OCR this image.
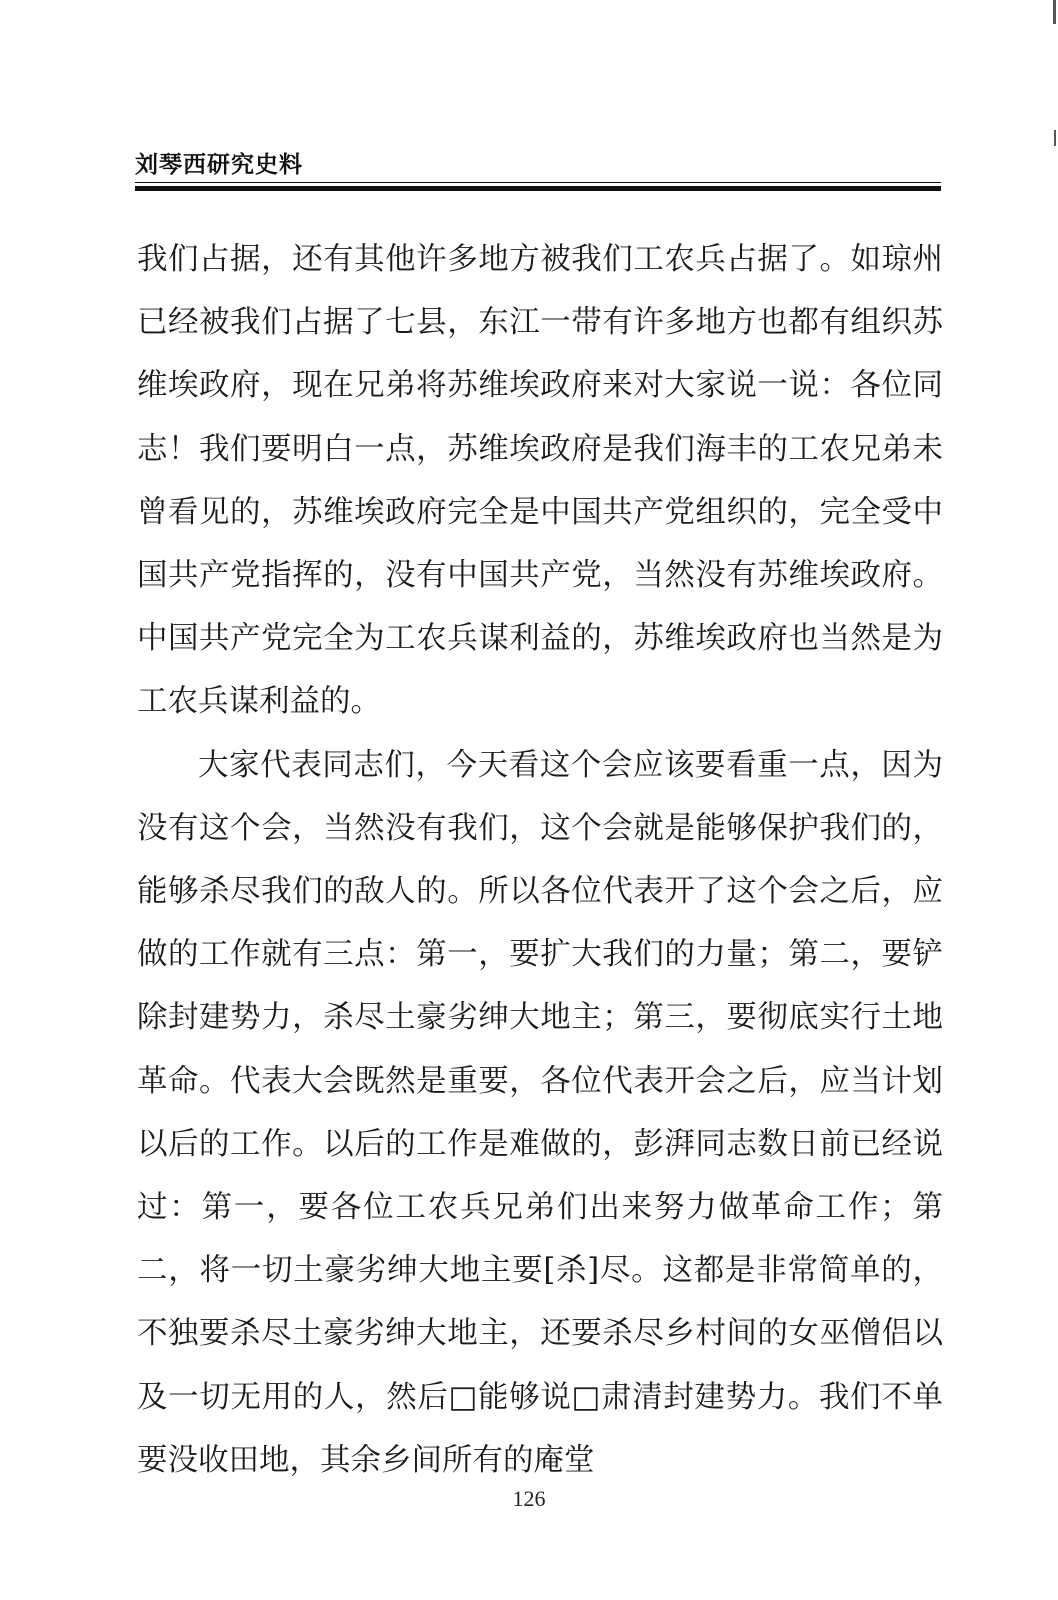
刘琴西研究史料

我们占据，还有其他许多地方被我们工农兵占据了。如琼州已经被我们占据了七县，东江一带有许多地方也都有组织苏维埃政府，现在兄弟将苏维埃政府来对大家说一说：各位同志！我们要明白一点，苏维埃政府是我们海丰的工农兄弟未曾看见的，苏维埃政府完全是中国共产党组织的，完全受中国共产党指挥的，没有中国共产党，当然没有苏维埃政府。中国共产党完全为工农兵谋利益的，苏维埃政府也当然是为工农兵谋利益的。

大家代表同志们，今天看这个会应该要看重一点，因为没有这个会，当然没有我们，这个会就是能够保护我们的，能够杀尽我们的敌人的。所以各位代表开了这个会之后，应做的工作就有三点：第一，要扩大我们的力量；第二，要铲除封建势力，杀尽土豪劣绅大地主；第三，要彻底实行土地革命。代表大会既然是重要，各位代表开会之后，应当计划以后的工作。以后的工作是难做的，彭湃同志数日前已经说过：第一，要各位工农兵兄弟们出来努力做革命工作；第二，将一切土豪劣绅大地主要[杀]尽。这都是非常简单的，不独要杀尽土豪劣绅大地主，还要杀尽乡村间的女巫僧侣以及一切无用的人，然后□能够说□肃清封建势力。我们不单要没收田地，其余乡间所有的庵堂

126
